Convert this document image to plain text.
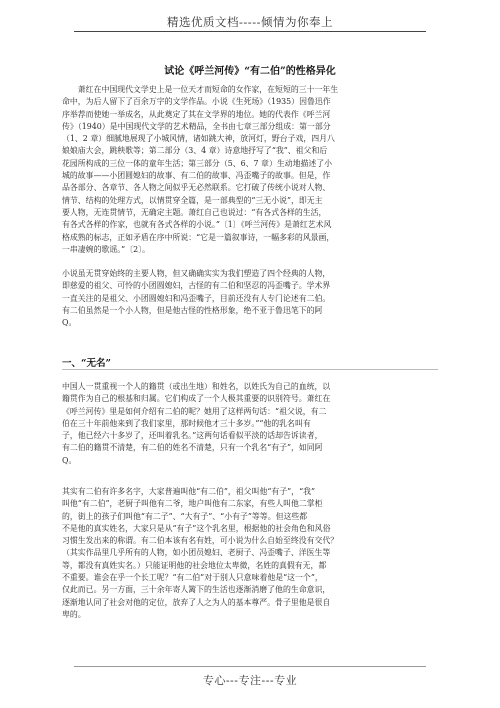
精选优质文档-----倾情为你奉上
试论《呼兰河传》“有二伯”的性格异化
　　萧红在中国现代文学史上是一位天才而短命的女作家，在短短的三十一年生
命中，为后人留下了百余万字的文学作品。小说《生死场》（1935）因鲁迅作
序举荐而使她一举成名，从此奠定了其在文学界的地位。她的代表作《呼兰河
传》（1940）是中国现代文学的艺术精品，全书由七章三部分组成：第一部分
（1、2 章）细腻地展现了小城风情，诸如跳大神，放河灯，野台子戏，四月八
娘娘庙大会，跳秧歌等；第二部分（3、4 章）诗意地抒写了“我”、祖父和后
花园所构成的三位一体的童年生活；第三部分（5、6、7 章）生动地描述了小
城的故事——小团圆媳妇的故事、有二伯的故事、冯歪嘴子的故事。但是，作
品各部分、各章节、各人物之间似乎无必然联系。它打破了传统小说对人物、
情节、结构的处理方式，以情贯穿全篇，是一部典型的“三无小说”，即无主
要人物，无连贯情节，无确定主题。萧红自己也说过：“有各式各样的生活，
有各式各样的作家，也就有各式各样的小说。”〔1〕《呼兰河传》是萧红艺术风
格成熟的标志，正如矛盾在序中所说：“它是一篇叙事诗，一幅多彩的风景画，
一串凄婉的歌谣。”〔2〕。
小说虽无贯穿始终的主要人物，但又确确实实为我们塑造了四个经典的人物，
即慈爱的祖父、可怜的小团圆媳妇，古怪的有二伯和坚忍的冯歪嘴子。学术界
一直关注的是祖父、小团圆媳妇和冯歪嘴子，目前还没有人专门论述有二伯。
有二伯虽然是一个小人物，但是他古怪的性格形象，绝不亚于鲁迅笔下的阿
Q。
一、“无名”
中国人一贯重视一个人的籍贯（或出生地）和姓名，以姓氏为自己的血统，以
籍贯作为自己的根基和归属。它们构成了一个人极其重要的识别符号。萧红在
《呼兰河传》里是如何介绍有二伯的呢？她用了这样两句话：“祖父说，有二
伯在三十年前他来到了我们家里，那时候他才三十多岁。”“他的乳名叫有
子，他已经六十多岁了，还叫着乳名。”这两句话看似平淡的话却告诉读者，
有二伯的籍贯不清楚，有二伯的姓名不清楚，只有一个乳名“有子”，如同阿
Q。
其实有二伯有许多名字，大家普遍叫他“有二伯”，祖父叫他“有子”，“我”
叫他“有二伯”，老厨子叫他有二爷，地户叫他有二东家，有些人叫他二掌柜
的，街上的孩子们叫他“有二子”、“大有子”、“小有子”等等。但这些都
不是他的真实姓名，大家只是从“有子”这个乳名里，根据他的社会角色和风俗
习惯生发出来的称谓。有二伯本该有名有姓，可小说为什么自始至终没有交代？
（其实作品里几乎所有的人物，如小团员媳妇、老厨子、冯歪嘴子、洋医生等
等，都没有真姓实名。）只能证明他的社会地位太卑微，名姓的真假有无，都
不重要。谁会在乎一个长工呢？“有二伯”对于别人只意味着他是“这一个”，
仅此而已。另一方面，三十余年寄人篱下的生活也逐渐消磨了他的生命意识，
逐渐地认同了社会对他的定位，放弃了人之为人的基本尊严。骨子里他是很自
卑的。
专心---专注---专业
